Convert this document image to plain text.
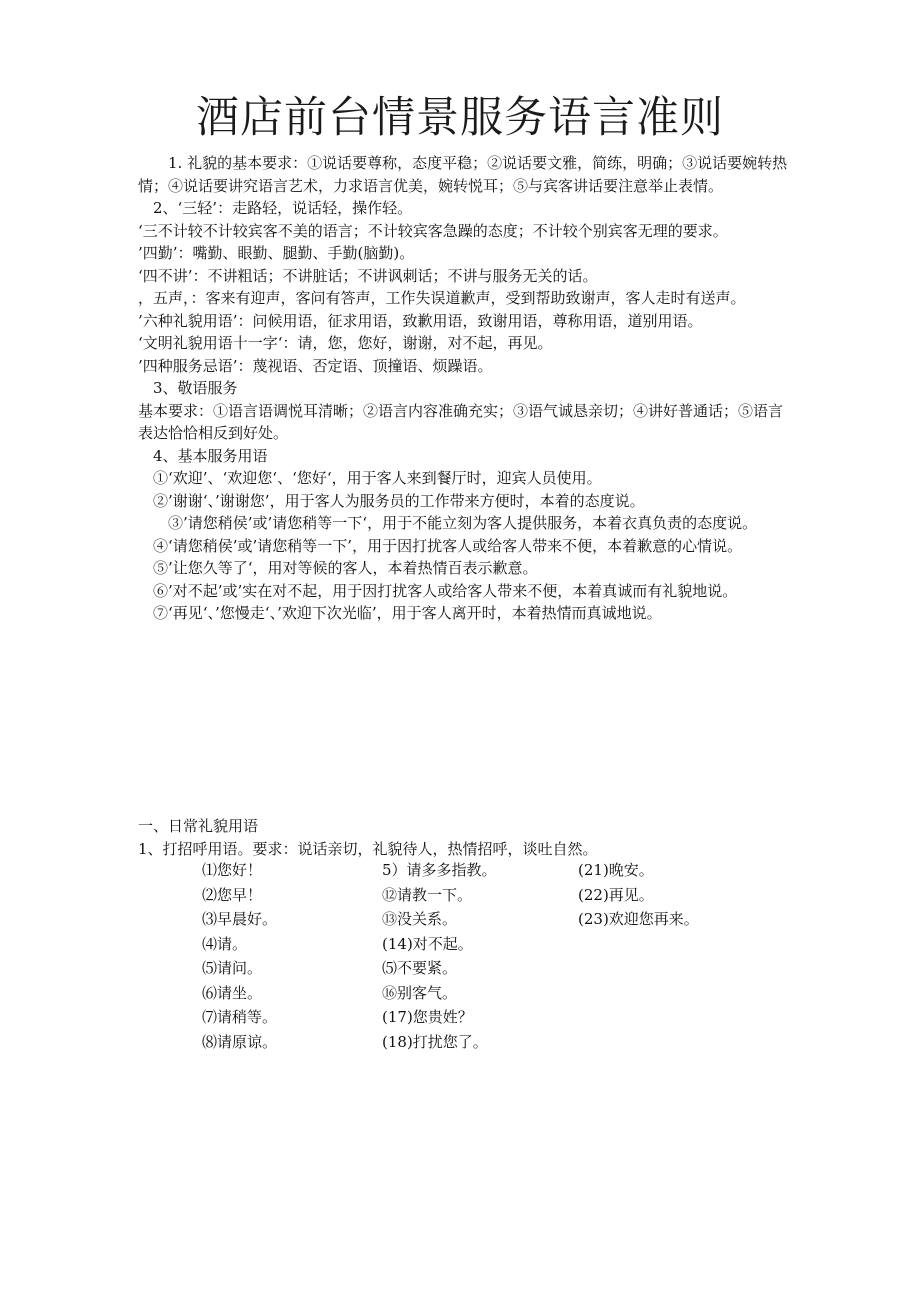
酒店前台情景服务语言准则

　　1. 礼貌的基本要求：①说话要尊称，态度平稳；②说话要文雅，简练，明确；③说话要婉转热情；④说话要讲究语言艺术，力求语言优美，婉转悦耳；⑤与宾客讲话要注意举止表情。

　2、‘三轻’：走路轻，说话轻，操作轻。

‘三不计较不计较宾客不美的语言；不计较宾客急躁的态度；不计较个别宾客无理的要求。

’四勤’：嘴勤、眼勤、腿勤、手勤(脑勤)。

‘四不讲’：不讲粗话；不讲脏话；不讲讽刺话；不讲与服务无关的话。

，五声，：客来有迎声，客问有答声，工作失误道歉声，受到帮助致谢声，客人走时有送声。

’六种礼貌用语’：问候用语，征求用语，致歉用语，致谢用语，尊称用语，道别用语。

‘文明礼貌用语十一字‘：请，您，您好，谢谢，对不起，再见。

’四种服务忌语’：蔑视语、否定语、顶撞语、烦躁语。

　3、敬语服务

基本要求：①语言语调悦耳清晰；②语言内容准确充实；③语气诚恳亲切；④讲好普通话；⑤语言表达恰恰相反到好处。

　4、基本服务用语

　①‘欢迎’、‘欢迎您‘、‘您好‘，用于客人来到餐厅时，迎宾人员使用。

　②’谢谢‘、’谢谢您’，用于客人为服务员的工作带来方便时，本着的态度说。

　　③’请您稍侯’或’请您稍等一下‘，用于不能立刻为客人提供服务，本着衣真负责的态度说。

　④‘请您稍侯’或’请您稍等一下’，用于因打扰客人或给客人带来不便，本着歉意的心情说。

　⑤’让您久等了‘，用对等候的客人，本着热情百表示歉意。

　⑥’对不起’或’实在对不起，用于因打扰客人或给客人带来不便，本着真诚而有礼貌地说。

　⑦‘再见‘、’您慢走‘、’欢迎下次光临’，用于客人离开时，本着热情而真诚地说。

一、日常礼貌用语

1、打招呼用语。要求：说话亲切，礼貌待人，热情招呼，谈吐自然。

⑴您好！
⑵您早！
⑶早晨好。
⑷请。
⑸请问。
⑹请坐。
⑺请稍等。
⑻请原谅。
5）请多多指教。
⑫请教一下。
⑬没关系。
(14)对不起。
⑸不要紧。
⑯别客气。
(17)您贵姓？
(18)打扰您了。
(21)晚安。
(22)再见。
(23)欢迎您再来。
